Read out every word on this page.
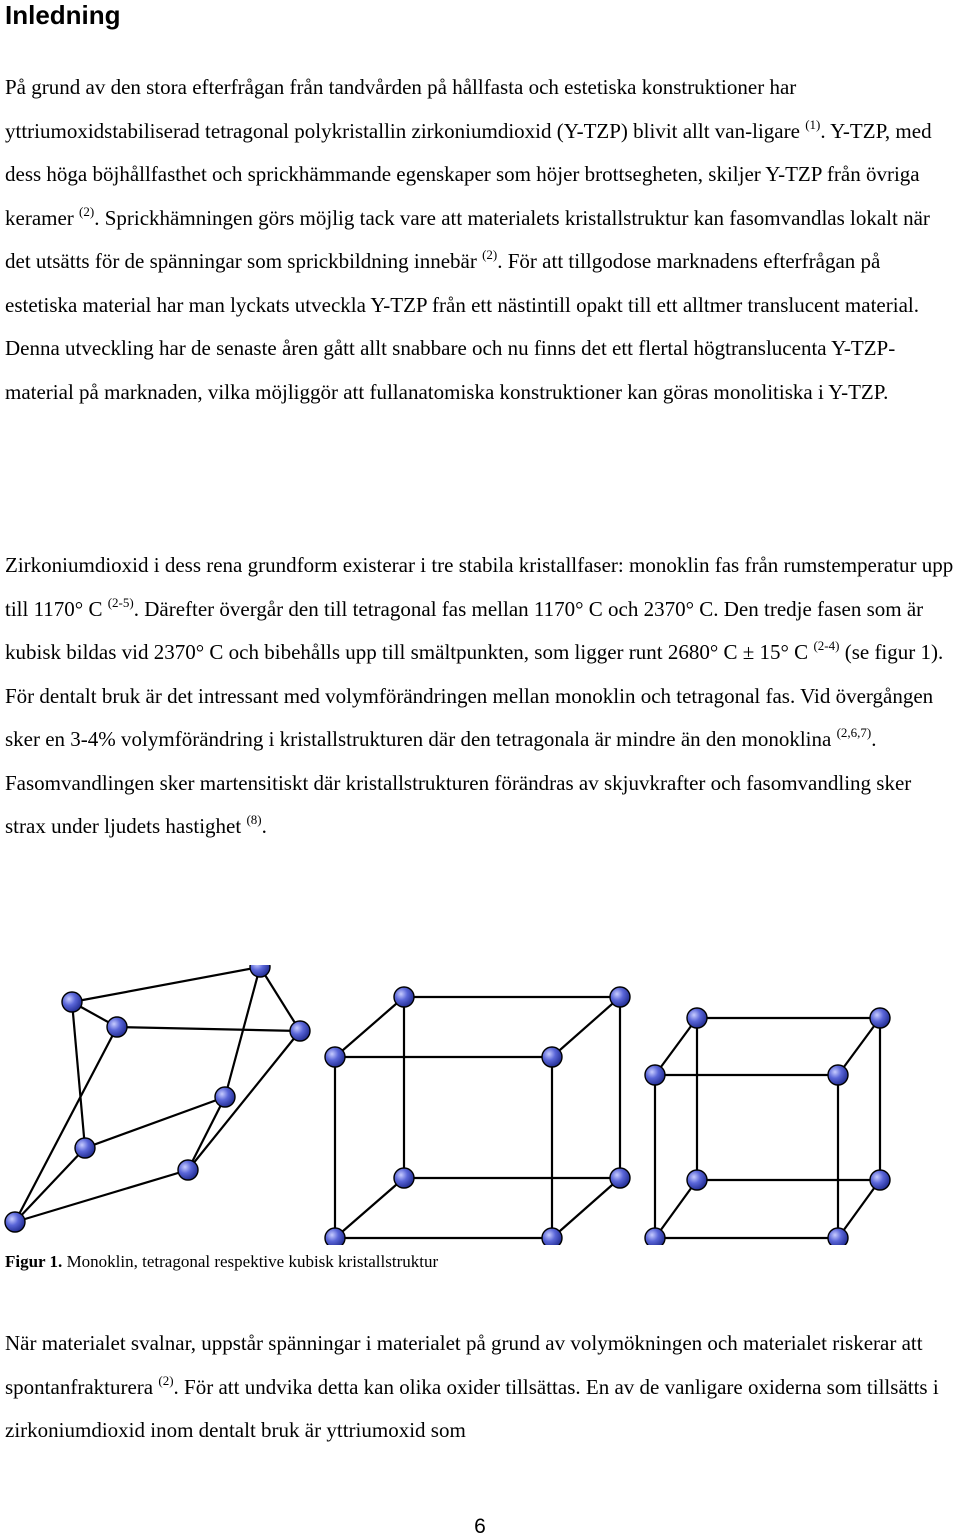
Inledning

På grund av den stora efterfrågan från tandvården på hållfasta och estetiska konstruktioner har yttriumoxidstabiliserad tetragonal polykristallin zirkoniumdioxid (Y-TZP) blivit allt van-ligare $^{(1)}$. Y-TZP, med dess höga böjhållfasthet och sprickhämmande egenskaper som höjer brottsegheten, skiljer Y-TZP från övriga keramer $^{(2)}$. Sprickhämningen görs möjlig tack vare att materialets kristallstruktur kan fasomvandlas lokalt när det utsätts för de spänningar som sprickbildning innebär $^{(2)}$. För att tillgodose marknadens efterfrågan på estetiska material har man lyckats utveckla Y-TZP från ett nästintill opakt till ett alltmer translucent material. Denna utveckling har de senaste åren gått allt snabbare och nu finns det ett flertal högtranslucenta Y-TZP-material på marknaden, vilka möjliggör att fullanatomiska konstruktioner kan göras monolitiska i Y-TZP.

Zirkoniumdioxid i dess rena grundform existerar i tre stabila kristallfaser: monoklin fas från rumstemperatur upp till 1170° C $^{(2-5)}$. Därefter övergår den till tetragonal fas mellan 1170° C och 2370° C. Den tredje fasen som är kubisk bildas vid 2370° C och bibehålls upp till smältpunkten, som ligger runt 2680° C ± 15° C $^{(2-4)}$ (se figur 1). För dentalt bruk är det intressant med volymförändringen mellan monoklin och tetragonal fas. Vid övergången sker en 3-4% volymförändring i kristallstrukturen där den tetragonala är mindre än den monoklina $^{(2,6,7)}$. Fasomvandlingen sker martensitiskt där kristallstrukturen förändras av skjuvkrafter och fasomvandling sker strax under ljudets hastighet $^{(8)}$.

Figur 1. Monoklin, tetragonal respektive kubisk kristallstruktur

När materialet svalnar, uppstår spänningar i materialet på grund av volymökningen och materialet riskerar att spontanfrakturera $^{(2)}$. För att undvika detta kan olika oxider tillsättas. En av de vanligare oxiderna som tillsätts i zirkoniumdioxid inom dentalt bruk är yttriumoxid som

6
